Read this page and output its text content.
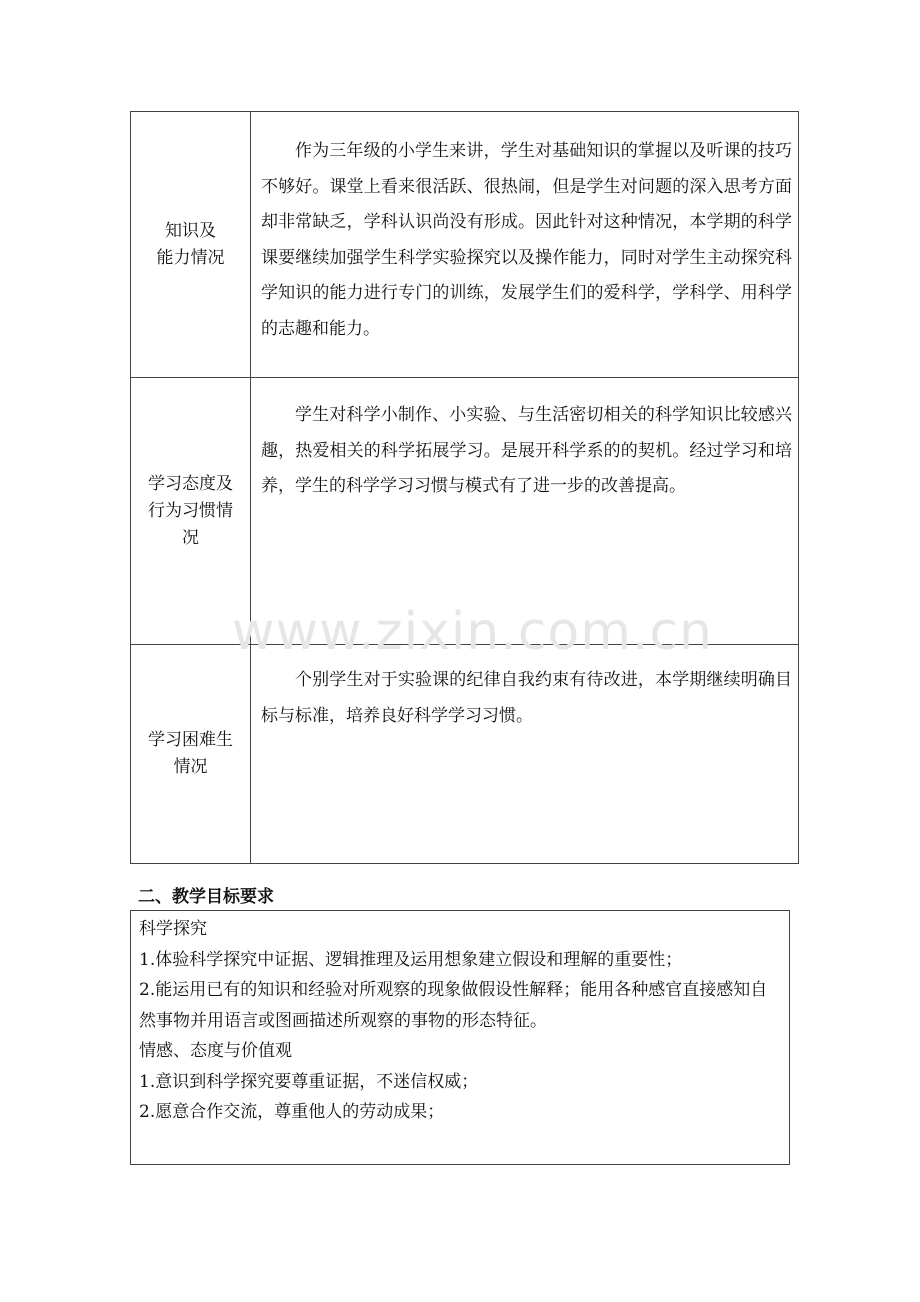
知识及
能力情况

作为三年级的小学生来讲，学生对基础知识的掌握以及听课的技巧不够好。课堂上看来很活跃、很热闹，但是学生对问题的深入思考方面却非常缺乏，学科认识尚没有形成。因此针对这种情况，本学期的科学课要继续加强学生科学实验探究以及操作能力，同时对学生主动探究科学知识的能力进行专门的训练，发展学生们的爱科学，学科学、用科学的志趣和能力。

学习态度及
行为习惯情
况

学生对科学小制作、小实验、与生活密切相关的科学知识比较感兴趣，热爱相关的科学拓展学习。是展开科学系的的契机。经过学习和培养，学生的科学学习习惯与模式有了进一步的改善提高。

学习困难生
情况

个别学生对于实验课的纪律自我约束有待改进，本学期继续明确目标与标准，培养良好科学学习习惯。

www.zixin.com.cn
二、教学目标要求
科学探究
1.体验科学探究中证据、逻辑推理及运用想象建立假设和理解的重要性；
2.能运用已有的知识和经验对所观察的现象做假设性解释；能用各种感官直接感知自然事物并用语言或图画描述所观察的事物的形态特征。
情感、态度与价值观
1.意识到科学探究要尊重证据，不迷信权威；
2.愿意合作交流，尊重他人的劳动成果；
